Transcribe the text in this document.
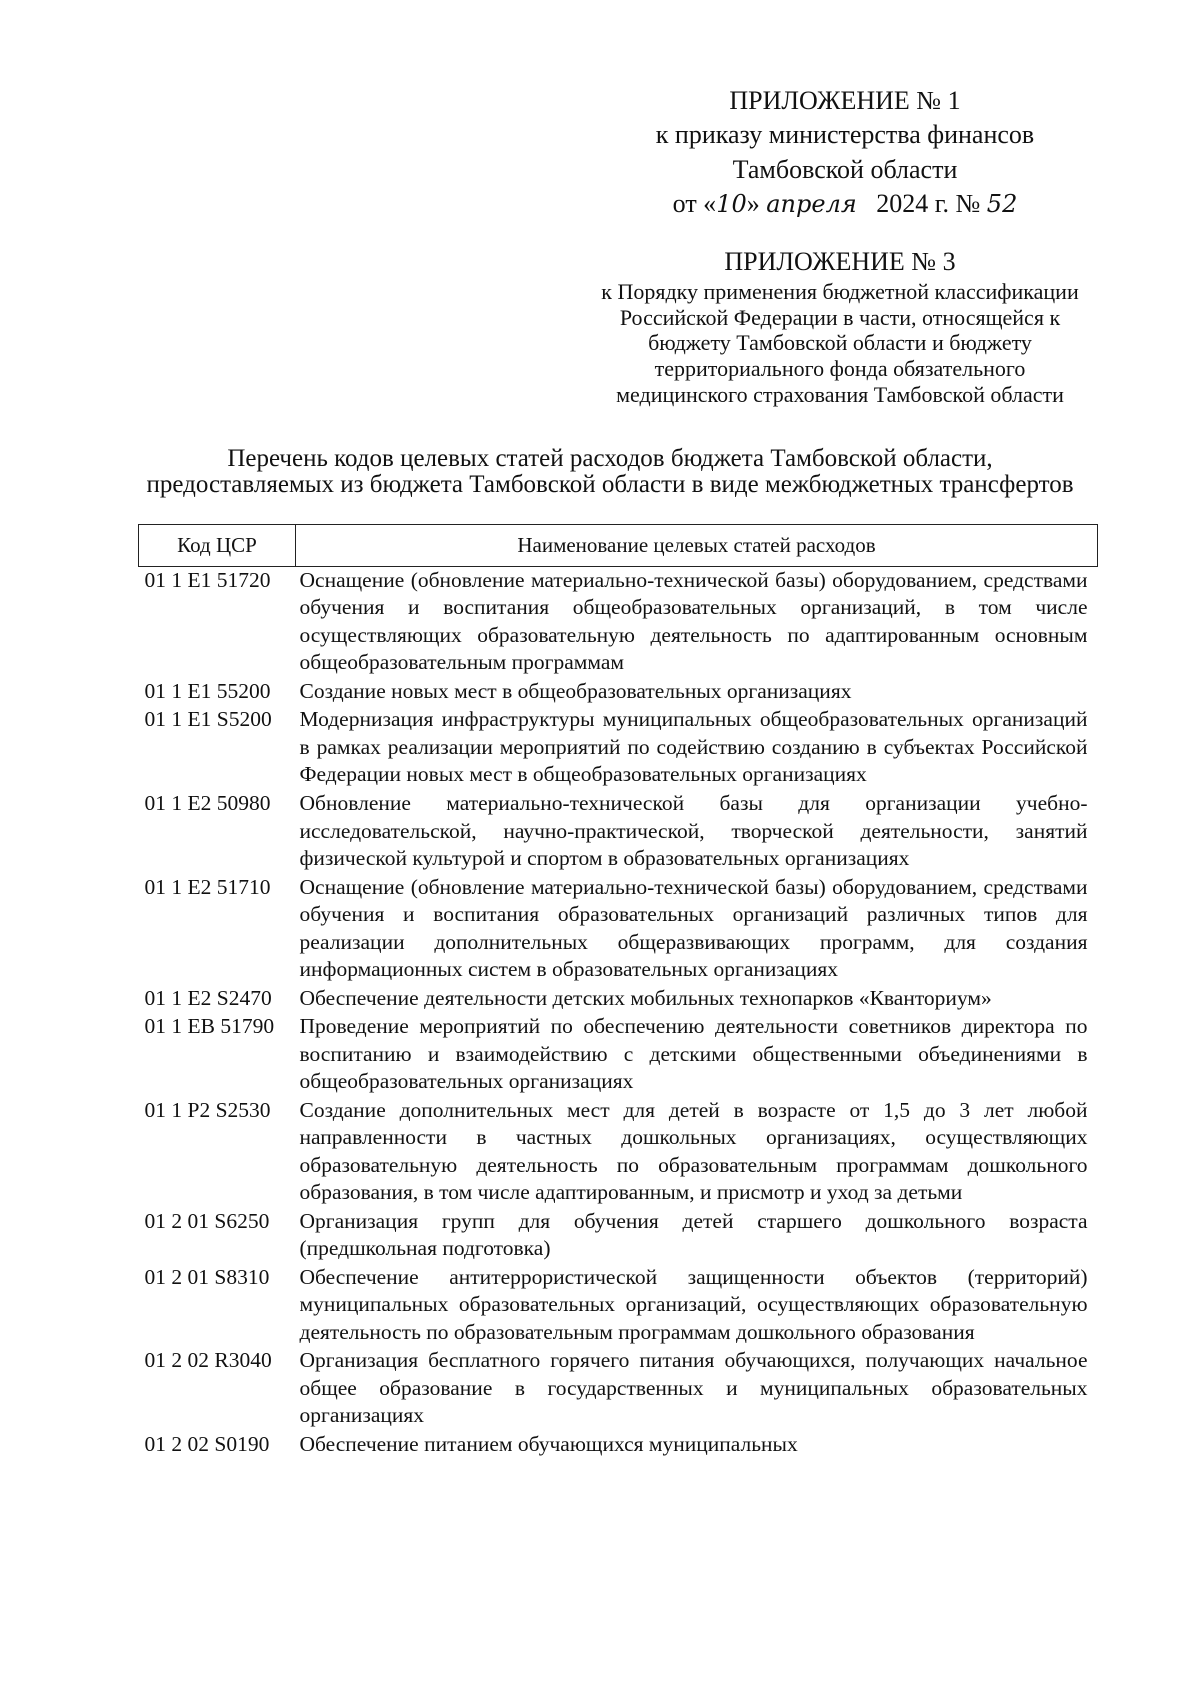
ПРИЛОЖЕНИЕ № 1
к приказу министерства финансов
Тамбовской области
от «10» апреля 2024 г. № 52
ПРИЛОЖЕНИЕ № 3
к Порядку применения бюджетной классификации
Российской Федерации в части, относящейся к
бюджету Тамбовской области и бюджету
территориального фонда обязательного
медицинского страхования Тамбовской области
Перечень кодов целевых статей расходов бюджета Тамбовской области, предоставляемых из бюджета Тамбовской области в виде межбюджетных трансфертов
Код ЦСР	Наименование целевых статей расходов
01 1 E1 51720	Оснащение (обновление материально-технической базы) оборудованием, средствами обучения и воспитания общеобразовательных организаций, в том числе осуществляющих образовательную деятельность по адаптированным основным общеобразовательным программам
01 1 E1 55200	Создание новых мест в общеобразовательных организациях
01 1 E1 S5200	Модернизация инфраструктуры муниципальных общеобразовательных организаций в рамках реализации мероприятий по содействию созданию в субъектах Российской Федерации новых мест в общеобразовательных организациях
01 1 E2 50980	Обновление материально-технической базы для организации учебно-исследовательской, научно-практической, творческой деятельности, занятий физической культурой и спортом в образовательных организациях
01 1 E2 51710	Оснащение (обновление материально-технической базы) оборудованием, средствами обучения и воспитания образовательных организаций различных типов для реализации дополнительных общеразвивающих программ, для создания информационных систем в образовательных организациях
01 1 E2 S2470	Обеспечение деятельности детских мобильных технопарков «Кванториум»
01 1 EB 51790	Проведение мероприятий по обеспечению деятельности советников директора по воспитанию и взаимодействию с детскими общественными объединениями в общеобразовательных организациях
01 1 P2 S2530	Создание дополнительных мест для детей в возрасте от 1,5 до 3 лет любой направленности в частных дошкольных организациях, осуществляющих образовательную деятельность по образовательным программам дошкольного образования, в том числе адаптированным, и присмотр и уход за детьми
01 2 01 S6250	Организация групп для обучения детей старшего дошкольного возраста (предшкольная подготовка)
01 2 01 S8310	Обеспечение антитеррористической защищенности объектов (территорий) муниципальных образовательных организаций, осуществляющих образовательную деятельность по образовательным программам дошкольного образования
01 2 02 R3040	Организация бесплатного горячего питания обучающихся, получающих начальное общее образование в государственных и муниципальных образовательных организациях
01 2 02 S0190	Обеспечение питанием обучающихся муниципальных
